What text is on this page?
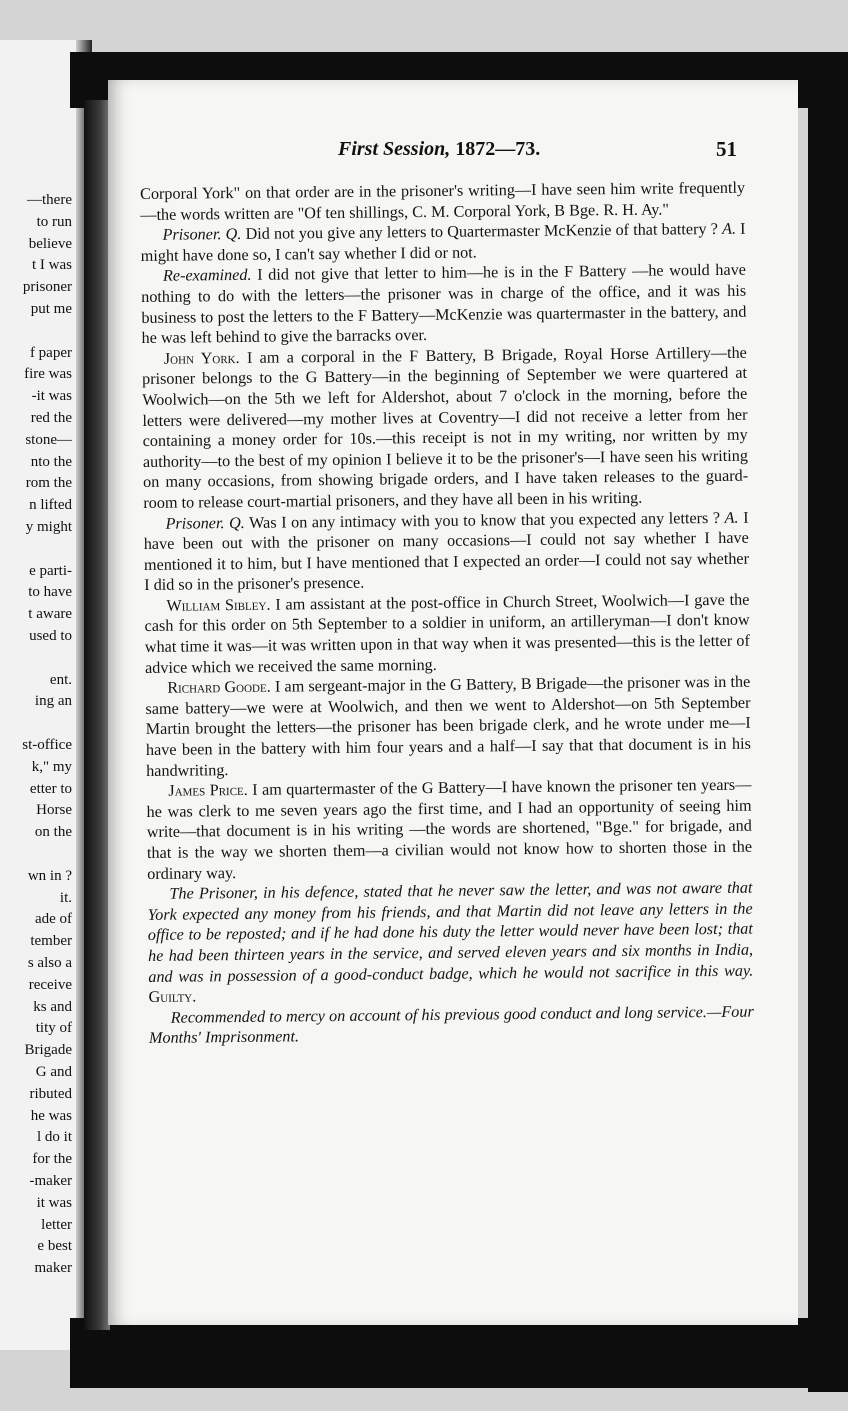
—there
to run
believe
t I was
prisoner
put me
f paper
fire was
-it was
red the
stone—
nto the
rom the
n lifted
y might
e parti-
to have
t aware
used to
ent.
ing an
st-office
k," my
etter to
Horse
on the
wn in ?
it.
ade of
tember
s also a
receive
ks and
tity of
Brigade
G and
ributed
he was
l do it
for the
-maker
it was
letter
e best
maker
First Session, 1872—73.	51

Corporal York" on that order are in the prisoner's writing—I have seen him write frequently—the words written are "Of ten shillings, C. M. Corporal York, B Bge. R. H. Ay."

Prisoner. Q. Did not you give any letters to Quartermaster McKenzie of that battery ? A. I might have done so, I can't say whether I did or not.

Re-examined. I did not give that letter to him—he is in the F Battery —he would have nothing to do with the letters—the prisoner was in charge of the office, and it was his business to post the letters to the F Battery—McKenzie was quartermaster in the battery, and he was left behind to give the barracks over.

John York. I am a corporal in the F Battery, B Brigade, Royal Horse Artillery—the prisoner belongs to the G Battery—in the beginning of September we were quartered at Woolwich—on the 5th we left for Aldershot, about 7 o'clock in the morning, before the letters were delivered—my mother lives at Coventry—I did not receive a letter from her containing a money order for 10s.—this receipt is not in my writing, nor written by my authority—to the best of my opinion I believe it to be the prisoner's—I have seen his writing on many occasions, from showing brigade orders, and I have taken releases to the guard-room to release court-martial prisoners, and they have all been in his writing.

Prisoner. Q. Was I on any intimacy with you to know that you expected any letters ? A. I have been out with the prisoner on many occasions—I could not say whether I have mentioned it to him, but I have mentioned that I expected an order—I could not say whether I did so in the prisoner's presence.

William Sibley. I am assistant at the post-office in Church Street, Woolwich—I gave the cash for this order on 5th September to a soldier in uniform, an artilleryman—I don't know what time it was—it was written upon in that way when it was presented—this is the letter of advice which we received the same morning.

Richard Goode. I am sergeant-major in the G Battery, B Brigade—the prisoner was in the same battery—we were at Woolwich, and then we went to Aldershot—on 5th September Martin brought the letters—the prisoner has been brigade clerk, and he wrote under me—I have been in the battery with him four years and a half—I say that that document is in his handwriting.

James Price. I am quartermaster of the G Battery—I have known the prisoner ten years—he was clerk to me seven years ago the first time, and I had an opportunity of seeing him write—that document is in his writing —the words are shortened, "Bge." for brigade, and that is the way we shorten them—a civilian would not know how to shorten those in the ordinary way.

The Prisoner, in his defence, stated that he never saw the letter, and was not aware that York expected any money from his friends, and that Martin did not leave any letters in the office to be reposted; and if he had done his duty the letter would never have been lost; that he had been thirteen years in the service, and served eleven years and six months in India, and was in possession of a good-conduct badge, which he would not sacrifice in this way. Guilty.

Recommended to mercy on account of his previous good conduct and long service.—Four Months' Imprisonment.
